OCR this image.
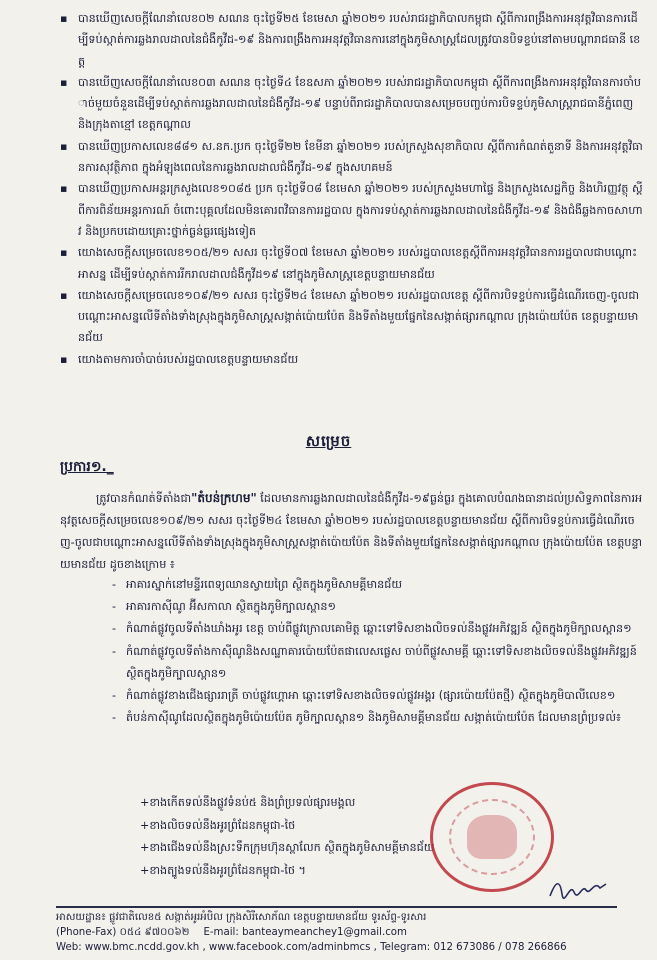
▪ បានឃើញសេចក្តីណែនាំលេខ០២ សណន ចុះថ្ងៃទី២៥ ខែមេសា ឆ្នាំ២០២១ របស់រាជរដ្ឋាភិបាលកម្ពុជា ស្តីពីការពង្រឹងការអនុវត្តវិធានការដើម្បីទប់ស្កាត់ការឆ្លងរាលដាលនៃជំងឺកូវីដ-១៩ និងការពង្រឹងការអនុវត្តវិធានការនៅក្នុងភូមិសាស្ត្រដែលត្រូវបានបិទខ្ទប់នៅតាមបណ្តារាជធានី ខេត្ត

▪ បានឃើញសេចក្តីណែនាំលេខ០៣ សណន ចុះថ្ងៃទី៤ ខែឧសភា ឆ្នាំ២០២១ របស់រាជរដ្ឋាភិបាលកម្ពុជា ស្តីពីការពង្រឹងការអនុវត្តវិធានការចាំបាច់មួយចំនួនដើម្បីទប់ស្កាត់ការឆ្លងរាលដាលនៃជំងឺកូវីដ-១៩ បន្ទាប់ពីរាជរដ្ឋាភិបាលបានសម្រេចបញ្ចប់ការបិទខ្ទប់ភូមិសាស្ត្ររាជធានីភ្នំពេញ និងក្រុងតាខ្មៅ ខេត្តកណ្តាល

▪ បានឃើញប្រកាសលេខ៨៨១ ស.នក.ប្រក ចុះថ្ងៃទី២២ ខែមីនា ឆ្នាំ២០២១ របស់ក្រសួងសុខាភិបាល ស្តីពីការកំណត់តួនាទី និងការអនុវត្តវិធានការសុវត្ថិភាព ក្នុងអំឡុងពេលនៃការឆ្លងរាលដាលជំងឺកូវីដ-១៩ ក្នុងសហគមន៍

▪ បានឃើញប្រកាសអន្តរក្រសួងលេខ១០៨៥ ប្រក ចុះថ្ងៃទី០៨ ខែមេសា ឆ្នាំ២០២១ របស់ក្រសួងមហាផ្ទៃ និងក្រសួងសេដ្ឋកិច្ច និងហិរញ្ញវត្ថុ ស្តីពីការពិន័យអន្តរការណ៍ ចំពោះបុគ្គលដែលមិនគោរពវិធានការរដ្ឋបាល ក្នុងការទប់ស្កាត់ការឆ្លងរាលដាលនៃជំងឺកូវីដ-១៩ និងជំងឺឆ្លងកាចសាហាវ និងប្រកបដោយគ្រោះថ្នាក់ធ្ងន់ធ្ងរផ្សេងទៀត

▪ យោងសេចក្តីសម្រេចលេខ១០៥/២១ សសរ ចុះថ្ងៃទី០៧ ខែមេសា ឆ្នាំ២០២១ របស់រដ្ឋបាលខេត្តស្តីពីការអនុវត្តវិធានការរដ្ឋបាលជាបណ្តោះអាសន្ន ដើម្បីទប់ស្កាត់ការរីករាលដាលជំងឺកូវីដ១៩ នៅក្នុងភូមិសាស្ត្រខេត្តបន្ទាយមានជ័យ

▪ យោងសេចក្តីសម្រេចលេខ១០៩/២១ សសរ ចុះថ្ងៃទី២៤ ខែមេសា ឆ្នាំ២០២១ របស់រដ្ឋបាលខេត្ត ស្តីពីការបិទខ្ទប់ការធ្វើដំណើរចេញ-ចូលជាបណ្តោះអាសន្នលើទីតាំងទាំងស្រុងក្នុងភូមិសាស្ត្រសង្កាត់ប៉ោយប៉ែត និងទីតាំងមួយផ្នែកនៃសង្កាត់ផ្សារកណ្តាល ក្រុងប៉ោយប៉ែត ខេត្តបន្ទាយមានជ័យ

▪ យោងតាមការចាំបាច់របស់រដ្ឋបាលខេត្តបន្ទាយមានជ័យ

សម្រេច
ប្រការ១._

ត្រូវបានកំណត់ទីតាំងជា"តំបន់ក្រហម" ដែលមានការឆ្លងរាលដាលនៃជំងឺកូវីដ-១៩ធ្ងន់ធ្ងរ ក្នុងគោលបំណងធានាដល់ប្រសិទ្ធភាពនៃការអនុវត្តសេចក្តីសម្រេចលេខ១០៩/២១ សសរ ចុះថ្ងៃទី២៤ ខែមេសា ឆ្នាំ២០២១ របស់រដ្ឋបាលខេត្តបន្ទាយមានជ័យ ស្តីពីការបិទខ្ទប់ការធ្វើដំណើរចេញ-ចូលជាបណ្តោះអាសន្នលើទីតាំងទាំងស្រុងក្នុងភូមិសាស្ត្រសង្កាត់ប៉ោយប៉ែត និងទីតាំងមួយផ្នែកនៃសង្កាត់ផ្សារកណ្តាល ក្រុងប៉ោយប៉ែត ខេត្តបន្ទាយមានជ័យ ដូចខាងក្រោម ៖

- អាគារស្នាក់នៅមន្ទីរពេទ្យឈានស្វាយព្រៃ ស្ថិតក្នុងភូមិសាមគ្គីមានជ័យ

- អាគារកាស៊ីណូ អ៊ីសកាលា ស្ថិតក្នុងភូមិក្បាលស្ពាន១

- កំណាត់ផ្លូវចូលទីតាំងឃាំងអូរ ខេត្ត ចាប់ពីផ្លូវក្រោលគោមិត្ត ឆ្ពោះទៅទិសខាងលិចទល់នឹងផ្លូវអភិវឌ្ឍន៍ ស្ថិតក្នុងភូមិក្បាលស្ពាន១

- កំណាត់ផ្លូវចូលទីតាំងកាស៊ីណូនិងសណ្ឋាគារប៉ោយប៉ែតផាលេសផ្លេស ចាប់ពីផ្លូវសាមគ្គី ឆ្ពោះទៅទិសខាងលិចទល់នឹងផ្លូវអភិវឌ្ឍន៍ ស្ថិតក្នុងភូមិក្បាលស្ពាន១

- កំណាត់ផ្លូវខាងជើងផ្សាររាត្រី ចាប់ផ្លូវហ្គោអា ឆ្ពោះទៅទិសខាងលិចទល់ផ្លូវអង្គរ (ផ្សារប៉ោយប៉ែតថ្មី) ស្ថិតក្នុងភូមិបាលីលេខ១

- តំបន់កាស៊ីណូដែលស្ថិតក្នុងភូមិប៉ោយប៉ែត ភូមិក្បាលស្ពាន១ និងភូមិសាមគ្គីមានជ័យ សង្កាត់ប៉ោយប៉ែត ដែលមានព្រំប្រទល់៖

+ខាងកើតទល់នឹងផ្លូវទំនប់៥ និងព្រំប្រទល់ផ្សារមង្គល

+ខាងលិចទល់នឹងអូរព្រំដែនកម្ពុជា-ថៃ

+ខាងជើងទល់នឹងស្រះទឹកក្រុមហ៊ុនស្ពាលែក ស្ថិតក្នុងភូមិសាមគ្គីមានជ័យ

+ខាងត្បូងទល់នឹងអូរព្រំដែនកម្ពុជា-ថៃ ។

អាសយដ្ឋាន៖ ផ្លូវជាតិលេខ៥ សង្កាត់អូរអំបិល ក្រុងសិរីសោភ័ណ ខេត្តបន្ទាយមានជ័យ ទូរស័ព្ទ-ទូរសារ

(Phone-Fax) ០៥៤ ៩៧០០៦២ E-mail: banteaymeanchey1@gmail.com

Web: www.bmc.ncdd.gov.kh , www.facebook.com/adminbmcs , Telegram: 012 673086 / 078 266866
